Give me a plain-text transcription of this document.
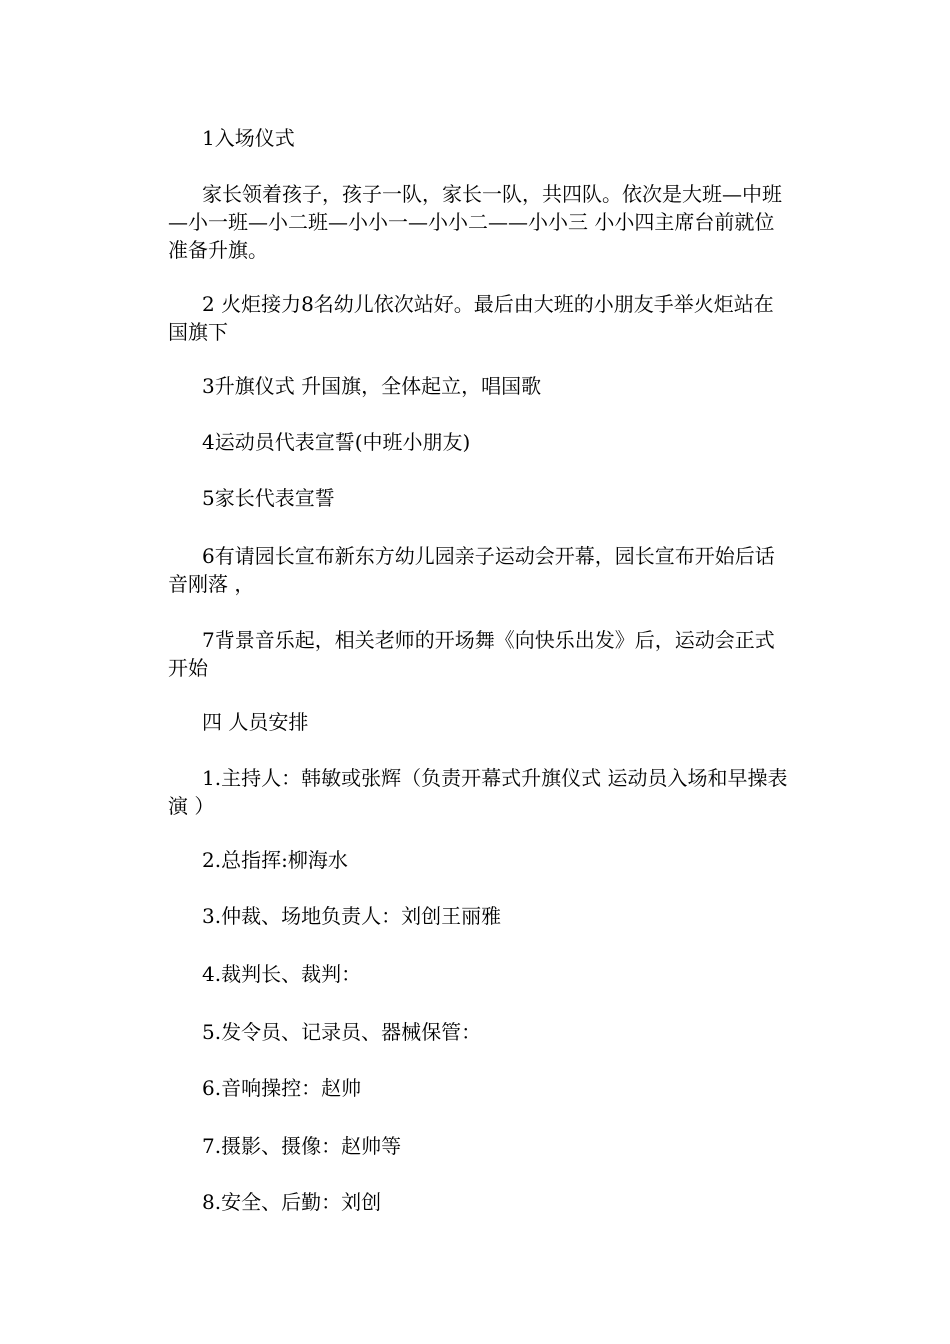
1入场仪式

家长领着孩子，孩子一队，家长一队，共四队。依次是大班—中班—小一班—小二班—小小一—小小二——小小三 小小四主席台前就位准备升旗。

2 火炬接力8名幼儿依次站好。最后由大班的小朋友手举火炬站在国旗下

3升旗仪式 升国旗，全体起立，唱国歌

4运动员代表宣誓(中班小朋友)

5家长代表宣誓

6有请园长宣布新东方幼儿园亲子运动会开幕，园长宣布开始后话音刚落 ，

7背景音乐起，相关老师的开场舞《向快乐出发》后，运动会正式开始

四 人员安排

1.主持人：韩敏或张辉（负责开幕式升旗仪式 运动员入场和早操表演 ）

2.总指挥:柳海水

3.仲裁、场地负责人：刘创王丽雅

4.裁判长、裁判：

5.发令员、记录员、器械保管：

6.音响操控：赵帅

7.摄影、摄像：赵帅等

8.安全、后勤：刘创
